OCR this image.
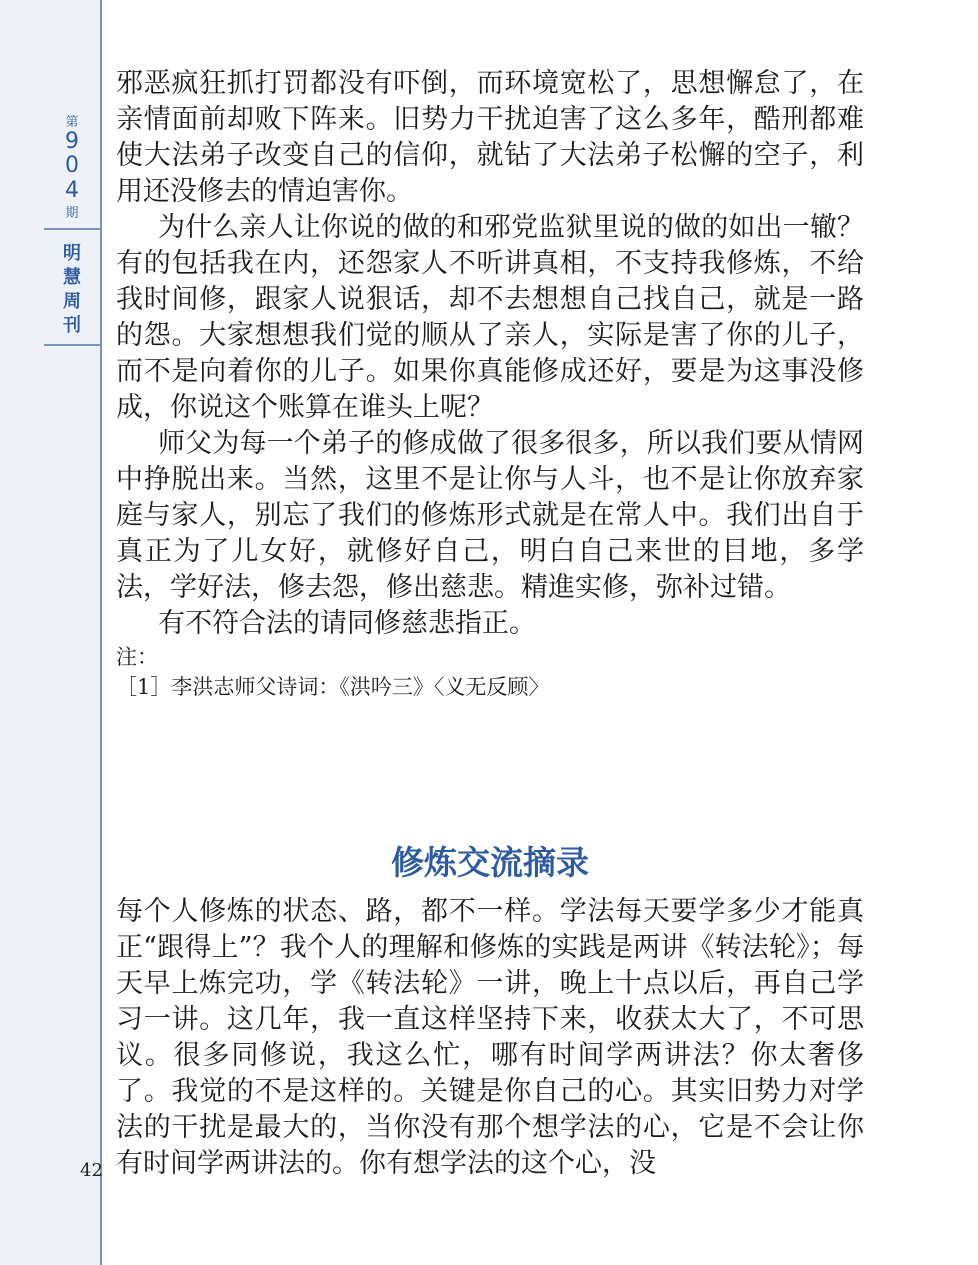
第
9
0
4
期
明
慧
周
刊
42

邪恶疯狂抓打罚都没有吓倒，而环境宽松了，思想懈怠了，在亲情面前却败下阵来。旧势力干扰迫害了这么多年，酷刑都难使大法弟子改变自己的信仰，就钻了大法弟子松懈的空子，利用还没修去的情迫害你。

为什么亲人让你说的做的和邪党监狱里说的做的如出一辙？有的包括我在内，还怨家人不听讲真相，不支持我修炼，不给我时间修，跟家人说狠话，却不去想想自己找自己，就是一路的怨。大家想想我们觉的顺从了亲人，实际是害了你的儿子，而不是向着你的儿子。如果你真能修成还好，要是为这事没修成，你说这个账算在谁头上呢？

师父为每一个弟子的修成做了很多很多，所以我们要从情网中挣脱出来。当然，这里不是让你与人斗，也不是让你放弃家庭与家人，别忘了我们的修炼形式就是在常人中。我们出自于真正为了儿女好，就修好自己，明白自己来世的目地，多学法，学好法，修去怨，修出慈悲。精進实修，弥补过错。

有不符合法的请同修慈悲指正。

注：

［1］李洪志师父诗词：《洪吟三》〈义无反顾〉

修炼交流摘录

每个人修炼的状态、路，都不一样。学法每天要学多少才能真正“跟得上”？我个人的理解和修炼的实践是两讲《转法轮》；每天早上炼完功，学《转法轮》一讲，晚上十点以后，再自己学习一讲。这几年，我一直这样坚持下来，收获太大了，不可思议。很多同修说，我这么忙，哪有时间学两讲法？你太奢侈了。我觉的不是这样的。关键是你自己的心。其实旧势力对学法的干扰是最大的，当你没有那个想学法的心，它是不会让你有时间学两讲法的。你有想学法的这个心，没
